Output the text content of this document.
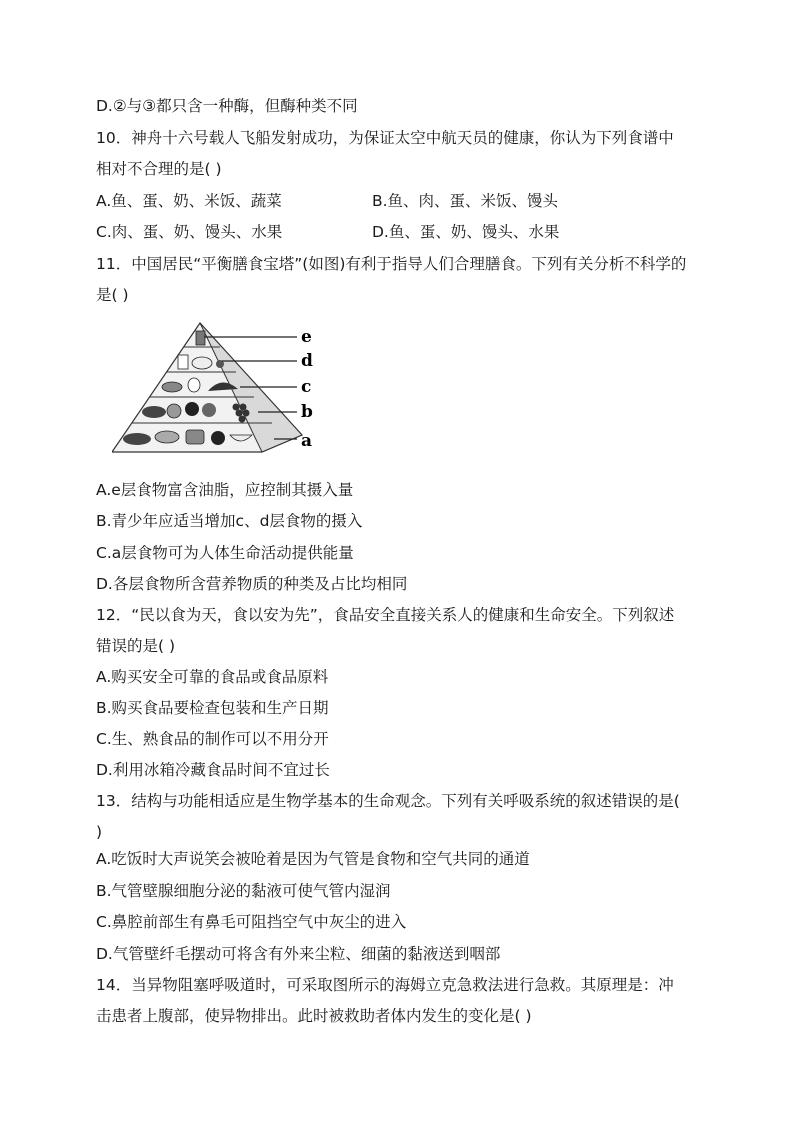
D.②与③都只含一种酶，但酶种类不同
10．神舟十六号载人飞船发射成功，为保证太空中航天员的健康，你认为下列食谱中
相对不合理的是( )
A.鱼、蛋、奶、米饭、蔬菜	B.鱼、肉、蛋、米饭、馒头
C.肉、蛋、奶、馒头、水果	D.鱼、蛋、奶、馒头、水果
11．中国居民“平衡膳食宝塔”(如图)有利于指导人们合理膳食。下列有关分析不科学的
是( )
e
d
c
b
a
A.e层食物富含油脂，应控制其摄入量
B.青少年应适当增加c、d层食物的摄入
C.a层食物可为人体生命活动提供能量
D.各层食物所含营养物质的种类及占比均相同
12．“民以食为天，食以安为先”，食品安全直接关系人的健康和生命安全。下列叙述
错误的是( )
A.购买安全可靠的食品或食品原料
B.购买食品要检查包装和生产日期
C.生、熟食品的制作可以不用分开
D.利用冰箱冷藏食品时间不宜过长
13．结构与功能相适应是生物学基本的生命观念。下列有关呼吸系统的叙述错误的是(
)
A.吃饭时大声说笑会被呛着是因为气管是食物和空气共同的通道
B.气管壁腺细胞分泌的黏液可使气管内湿润
C.鼻腔前部生有鼻毛可阻挡空气中灰尘的进入
D.气管壁纤毛摆动可将含有外来尘粒、细菌的黏液送到咽部
14．当异物阻塞呼吸道时，可采取图所示的海姆立克急救法进行急救。其原理是：冲
击患者上腹部，使异物排出。此时被救助者体内发生的变化是( )
